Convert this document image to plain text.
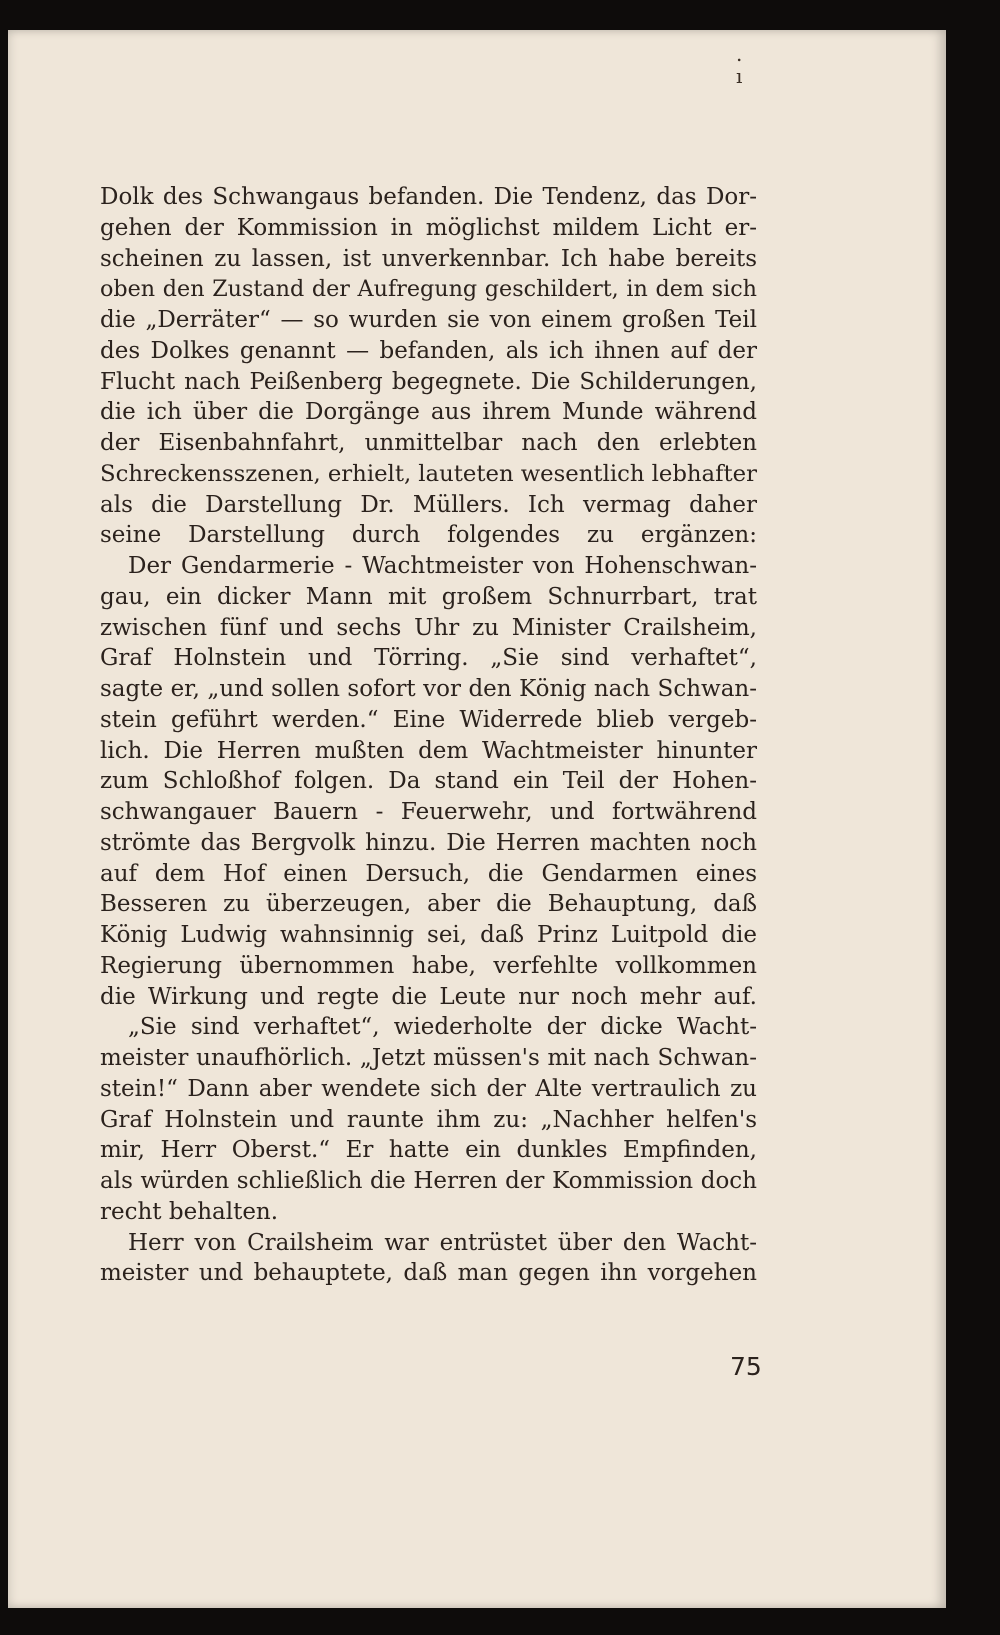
.
ı
Dolk des Schwangaus befanden. Die Tendenz, das Dor-
gehen der Kommission in möglichst mildem Licht er-
scheinen zu lassen, ist unverkennbar. Ich habe bereits
oben den Zustand der Aufregung geschildert, in dem sich
die „Derräter“ — so wurden sie von einem großen Teil
des Dolkes genannt — befanden, als ich ihnen auf der
Flucht nach Peißenberg begegnete. Die Schilderungen,
die ich über die Dorgänge aus ihrem Munde während
der Eisenbahnfahrt, unmittelbar nach den erlebten
Schreckensszenen, erhielt, lauteten wesentlich lebhafter
als die Darstellung Dr. Müllers. Ich vermag daher
seine Darstellung durch folgendes zu ergänzen:
Der Gendarmerie - Wachtmeister von Hohenschwan-
gau, ein dicker Mann mit großem Schnurrbart, trat
zwischen fünf und sechs Uhr zu Minister Crailsheim,
Graf Holnstein und Törring. „Sie sind verhaftet“,
sagte er, „und sollen sofort vor den König nach Schwan-
stein geführt werden.“ Eine Widerrede blieb vergeb-
lich. Die Herren mußten dem Wachtmeister hinunter
zum Schloßhof folgen. Da stand ein Teil der Hohen-
schwangauer Bauern - Feuerwehr, und fortwährend
strömte das Bergvolk hinzu. Die Herren machten noch
auf dem Hof einen Dersuch, die Gendarmen eines
Besseren zu überzeugen, aber die Behauptung, daß
König Ludwig wahnsinnig sei, daß Prinz Luitpold die
Regierung übernommen habe, verfehlte vollkommen
die Wirkung und regte die Leute nur noch mehr auf.
„Sie sind verhaftet“, wiederholte der dicke Wacht-
meister unaufhörlich. „Jetzt müssen's mit nach Schwan-
stein!“ Dann aber wendete sich der Alte vertraulich zu
Graf Holnstein und raunte ihm zu: „Nachher helfen's
mir, Herr Oberst.“ Er hatte ein dunkles Empfinden,
als würden schließlich die Herren der Kommission doch
recht behalten.
Herr von Crailsheim war entrüstet über den Wacht-
meister und behauptete, daß man gegen ihn vorgehen
75
